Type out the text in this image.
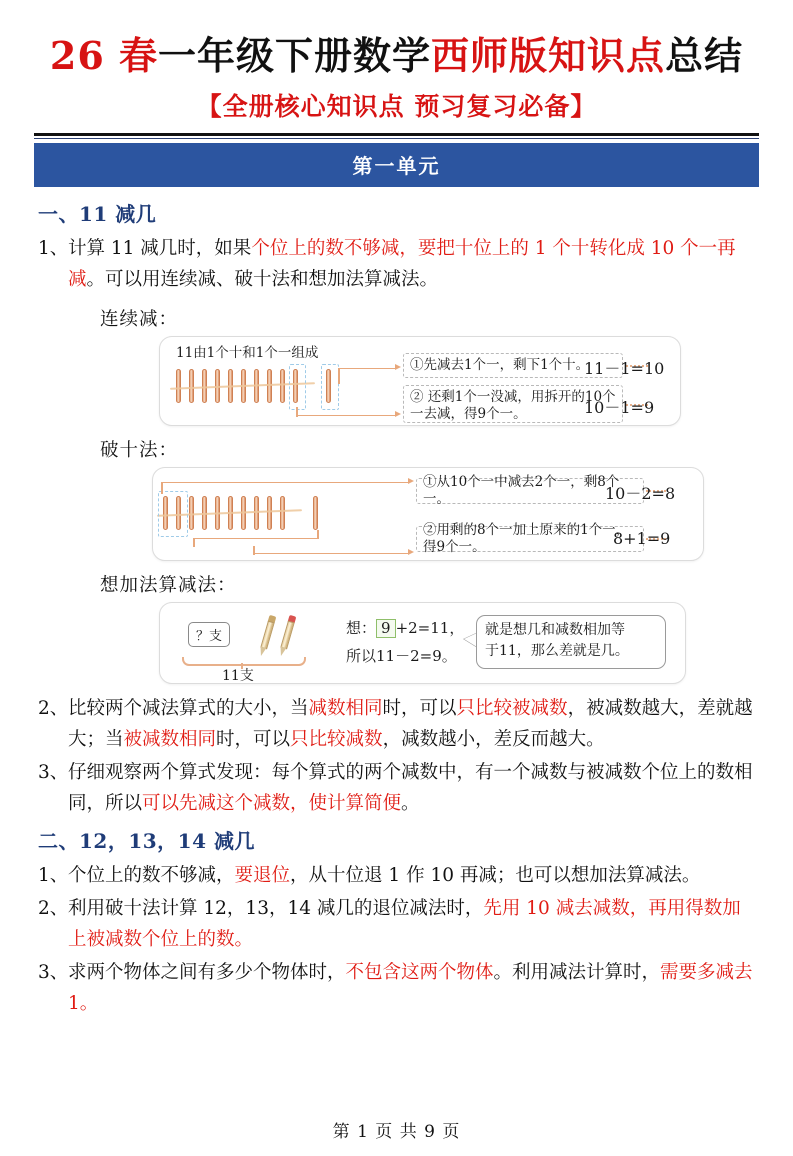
26 春一年级下册数学西师版知识点总结
【全册核心知识点 预习复习必备】
第一单元
一、11 减几
1、 计算 11 减几时，如果个位上的数不够减，要把十位上的 1 个十转化成 10 个一再减。可以用连续减、破十法和想加法算减法。
连续减：
11由1个十和1个一组成
①先减去1个一，剩下1个十。
② 还剩1个一没减，用拆开的10个一去减，得9个一。
11－1=10
10－1=9
破十法：
①从10个一中减去2个一，剩8个一。
②用剩的8个一加上原来的1个一，得9个一。
10－2=8
8+1=9
想加法算减法：
？支
11支
想： 9 +2=11，
所以11－2=9。
就是想几和减数相加等
于11，那么差就是几。
2、 比较两个减法算式的大小，当减数相同时，可以只比较被减数，被减数越大，差就越大；当被减数相同时，可以只比较减数，减数越小，差反而越大。
3、 仔细观察两个算式发现：每个算式的两个减数中，有一个减数与被减数个位上的数相同，所以可以先减这个减数，使计算简便。
二、12，13，14 减几
1、 个位上的数不够减，要退位，从十位退 1 作 10 再减；也可以想加法算减法。
2、 利用破十法计算 12，13，14 减几的退位减法时，先用 10 减去减数，再用得数加上被减数个位上的数。
3、 求两个物体之间有多少个物体时，不包含这两个物体。利用减法计算时，需要多减去1。
第 1 页 共 9 页
